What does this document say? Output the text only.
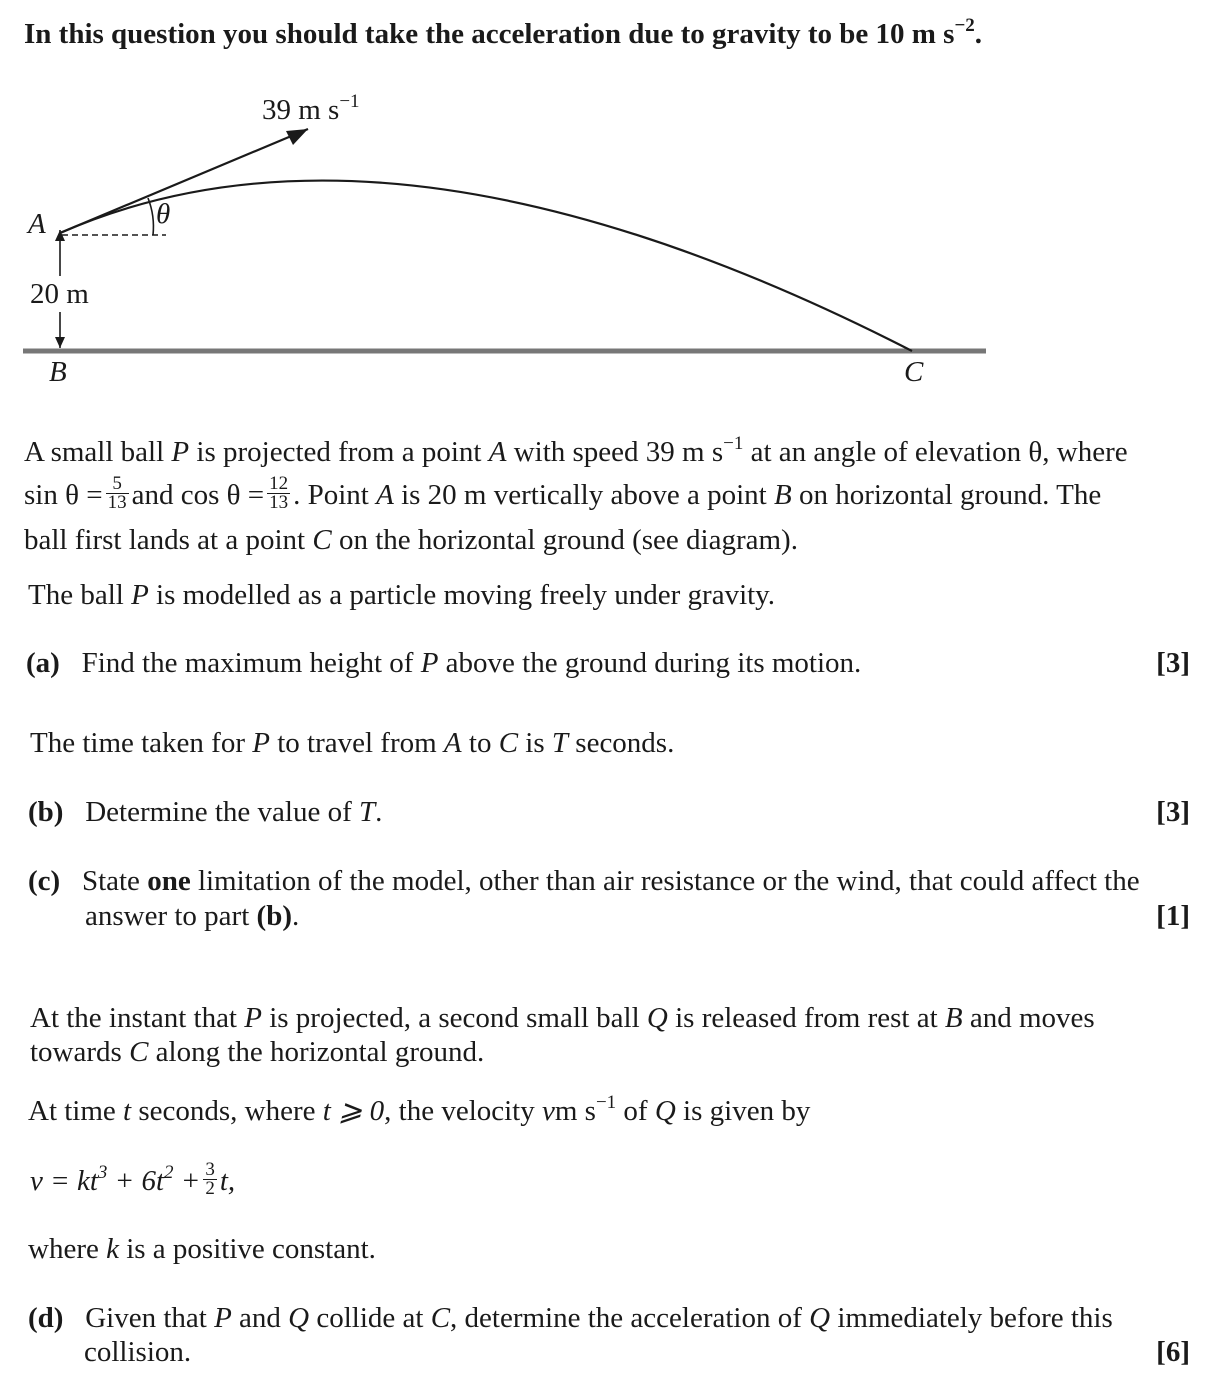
In this question you should take the acceleration due to gravity to be 10 m $s^{-2}$.
39 m $s^{-1}$
θ
A
20 m
B	C
A small ball P is projected from a point A with speed 39 m $s^{-1}$ at an angle of elevation θ, where
$\sin \theta = \frac{5}{13}$ and $\cos \theta = \frac{12}{13}$ . Point A is 20 m vertically above a point B on horizontal ground. The
ball first lands at a point C on the horizontal ground (see diagram).
The ball P is modelled as a particle moving freely under gravity.
(a) Find the maximum height of P above the ground during its motion.	[3]
The time taken for P to travel from A to C is T seconds.
(b) Determine the value of T.	[3]
(c) State one limitation of the model, other than air resistance or the wind, that could affect the
answer to part (b).	[1]
At the instant that P is projected, a second small ball Q is released from rest at B and moves
towards C along the horizontal ground.
At time t seconds, where t ⩾ 0, the velocity vm $s^{-1}$ of Q is given by
$v = kt^3 + 6t^2 + \frac{3}{2} t$,
where k is a positive constant.
(d) Given that P and Q collide at C, determine the acceleration of Q immediately before this
collision.	[6]
